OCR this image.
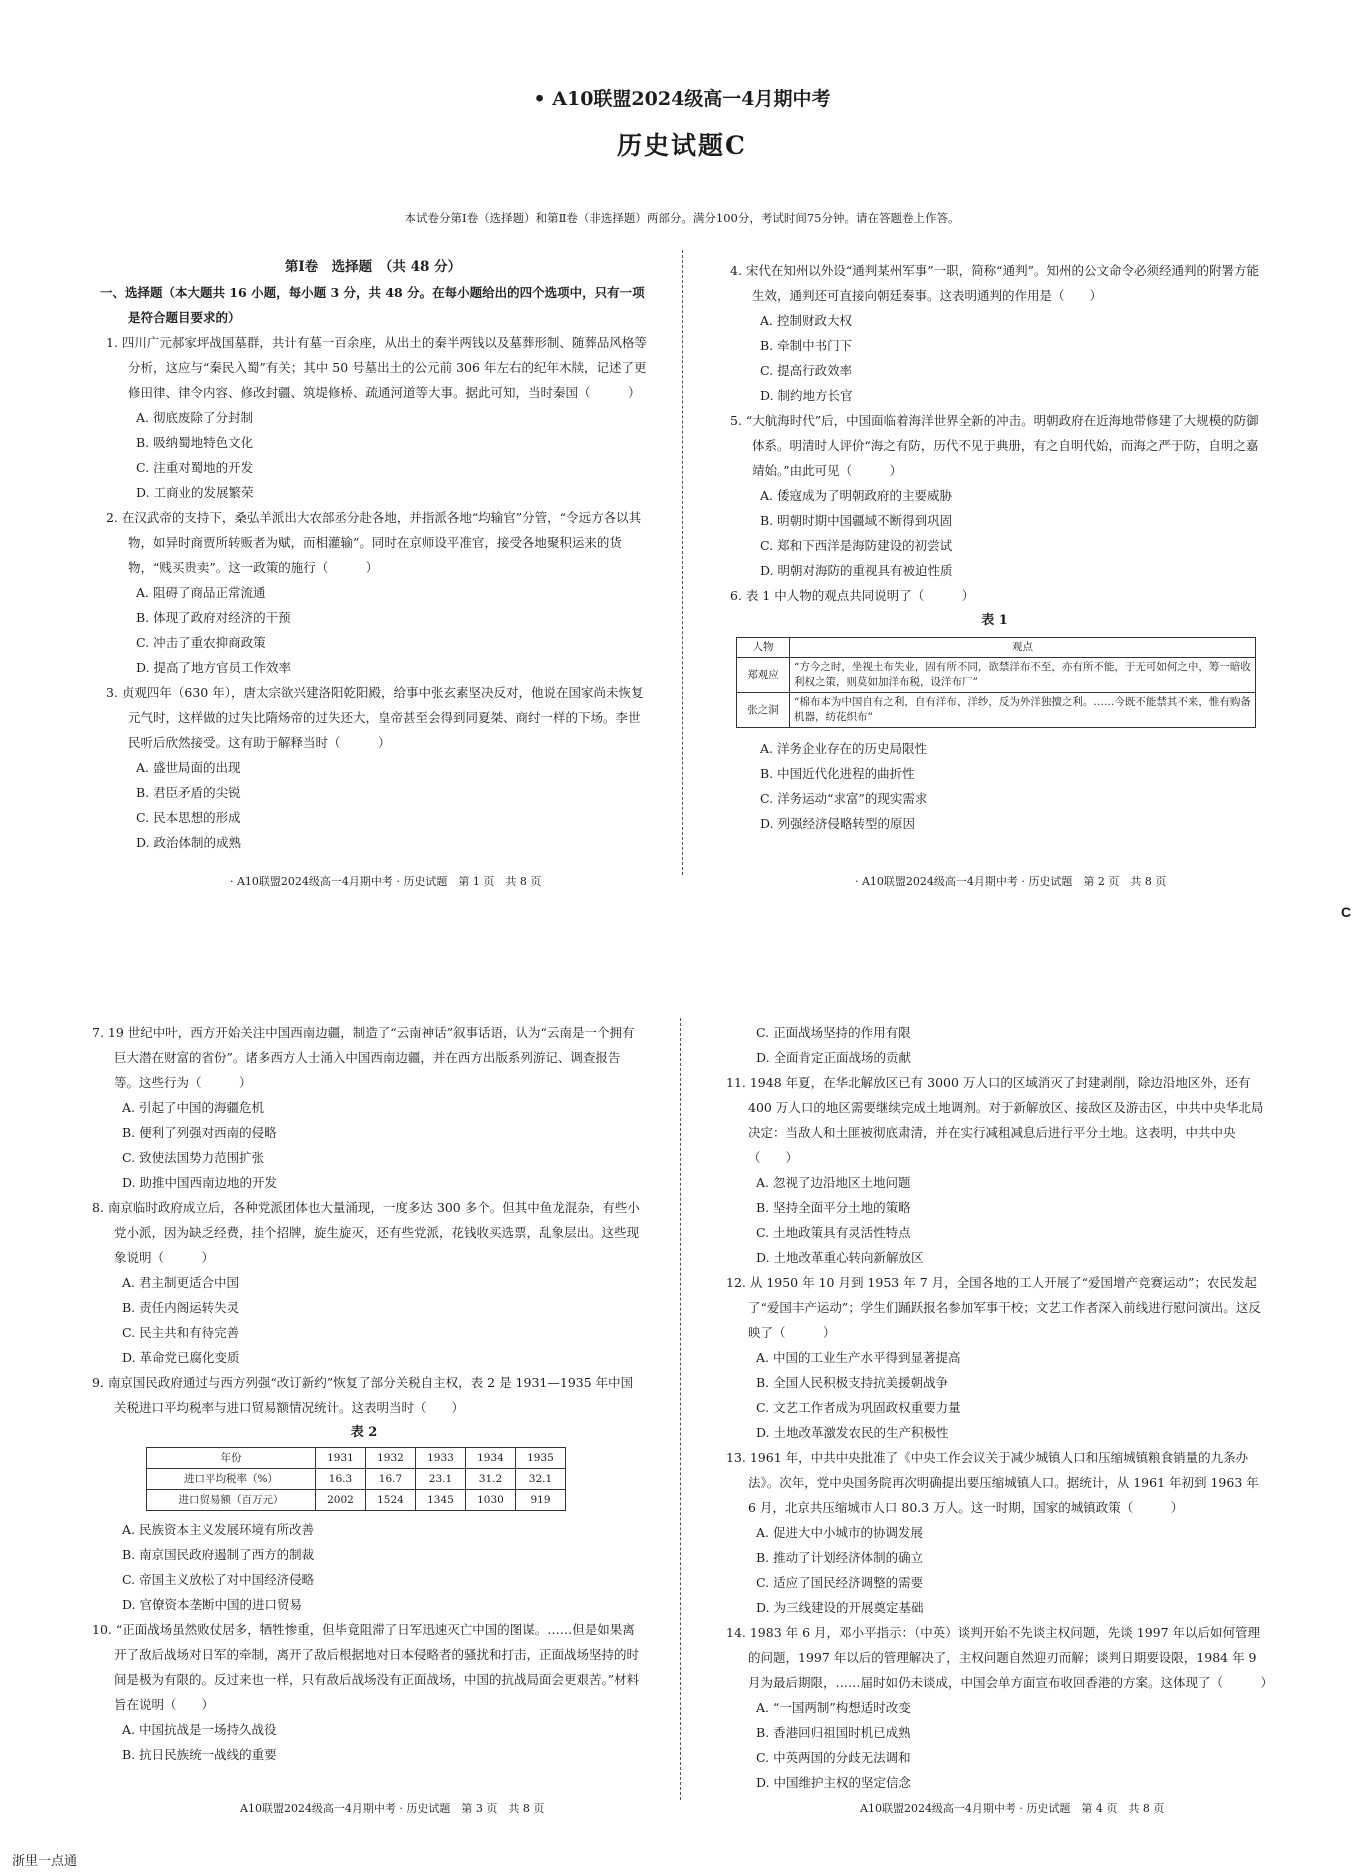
• A10联盟2024级高一4月期中考
历史试题C
本试卷分第Ⅰ卷（选择题）和第Ⅱ卷（非选择题）两部分。满分100分，考试时间75分钟。请在答题卷上作答。

第Ⅰ卷　选择题　（共 48 分）

一、选择题（本大题共 16 小题，每小题 3 分，共 48 分。在每小题给出的四个选项中，只有一项是符合题目要求的）

1. 四川广元郝家坪战国墓群，共计有墓一百余座，从出土的秦半两钱以及墓葬形制、随葬品风格等分析，这应与“秦民入蜀”有关；其中 50 号墓出土的公元前 306 年左右的纪年木牍，记述了更修田律、律令内容、修改封疆、筑堤修桥、疏通河道等大事。据此可知，当时秦国（　　　）

A. 彻底废除了分封制

B. 吸纳蜀地特色文化

C. 注重对蜀地的开发

D. 工商业的发展繁荣

2. 在汉武帝的支持下，桑弘羊派出大农部丞分赴各地，并指派各地“均输官”分管，“令远方各以其物，如异时商贾所转贩者为赋，而相灌输”。同时在京师设平准官，接受各地聚积运来的货物，“贱买贵卖”。这一政策的施行（　　　）

A. 阻碍了商品正常流通

B. 体现了政府对经济的干预

C. 冲击了重农抑商政策

D. 提高了地方官员工作效率

3. 贞观四年（630 年），唐太宗欲兴建洛阳乾阳殿，给事中张玄素坚决反对，他说在国家尚未恢复元气时，这样做的过失比隋炀帝的过失还大，皇帝甚至会得到同夏桀、商纣一样的下场。李世民听后欣然接受。这有助于解释当时（　　　）

A. 盛世局面的出现

B. 君臣矛盾的尖锐

C. 民本思想的形成

D. 政治体制的成熟

· A10联盟2024级高一4月期中考 · 历史试题　第 1 页　共 8 页

4. 宋代在知州以外设“通判某州军事”一职，简称“通判”。知州的公文命令必须经通判的附署方能生效，通判还可直接向朝廷奏事。这表明通判的作用是（　　）

A. 控制财政大权

B. 牵制中书门下

C. 提高行政效率

D. 制约地方长官

5. “大航海时代”后，中国面临着海洋世界全新的冲击。明朝政府在近海地带修建了大规模的防御体系。明清时人评价“海之有防，历代不见于典册，有之自明代始，而海之严于防，自明之嘉靖始。”由此可见（　　　）

A. 倭寇成为了明朝政府的主要威胁

B. 明朝时期中国疆域不断得到巩固

C. 郑和下西洋是海防建设的初尝试

D. 明朝对海防的重视具有被迫性质

6. 表 1 中人物的观点共同说明了（　　　）

表 1

人物	观点
郑观应	“方今之时，坐视土布失业，固有所不同，欲禁洋布不至，亦有所不能，于无可如何之中，筹一暗收利权之策，则莫如加洋布税，设洋布厂”
张之洞	“棉布本为中国自有之利，自有洋布、洋纱，反为外洋独擅之利。……今既不能禁其不来，惟有购备机器，纺花织布”

A. 洋务企业存在的历史局限性

B. 中国近代化进程的曲折性

C. 洋务运动“求富”的现实需求

D. 列强经济侵略转型的原因

· A10联盟2024级高一4月期中考 · 历史试题　第 2 页　共 8 页
C

7. 19 世纪中叶，西方开始关注中国西南边疆，制造了“云南神话”叙事话语，认为“云南是一个拥有巨大潜在财富的省份”。诸多西方人士涌入中国西南边疆，并在西方出版系列游记、调查报告等。这些行为（　　　）

A. 引起了中国的海疆危机

B. 便利了列强对西南的侵略

C. 致使法国势力范围扩张

D. 助推中国西南边地的开发

8. 南京临时政府成立后，各种党派团体也大量涌现，一度多达 300 多个。但其中鱼龙混杂，有些小党小派，因为缺乏经费，挂个招牌，旋生旋灭，还有些党派，花钱收买选票，乱象层出。这些现象说明（　　　）

A. 君主制更适合中国

B. 责任内阁运转失灵

C. 民主共和有待完善

D. 革命党已腐化变质

9. 南京国民政府通过与西方列强“改订新约”恢复了部分关税自主权，表 2 是 1931—1935 年中国关税进口平均税率与进口贸易额情况统计。这表明当时（　　）

表 2

年份	1931	1932	1933	1934	1935
进口平均税率（%）	16.3	16.7	23.1	31.2	32.1
进口贸易额（百万元）	2002	1524	1345	1030	919

A. 民族资本主义发展环境有所改善

B. 南京国民政府遏制了西方的制裁

C. 帝国主义放松了对中国经济侵略

D. 官僚资本垄断中国的进口贸易

10. “正面战场虽然败仗居多，牺牲惨重，但毕竟阻滞了日军迅速灭亡中国的图谋。……但是如果离开了敌后战场对日军的牵制，离开了敌后根据地对日本侵略者的骚扰和打击，正面战场坚持的时间是极为有限的。反过来也一样，只有敌后战场没有正面战场，中国的抗战局面会更艰苦。”材料旨在说明（　　）

A. 中国抗战是一场持久战役

B. 抗日民族统一战线的重要

A10联盟2024级高一4月期中考 · 历史试题　第 3 页　共 8 页

C. 正面战场坚持的作用有限

D. 全面肯定正面战场的贡献

11. 1948 年夏，在华北解放区已有 3000 万人口的区域消灭了封建剥削，除边沿地区外，还有 400 万人口的地区需要继续完成土地调剂。对于新解放区、接敌区及游击区，中共中央华北局决定：当敌人和土匪被彻底肃清，并在实行减租减息后进行平分土地。这表明，中共中央（　　）

A. 忽视了边沿地区土地问题

B. 坚持全面平分土地的策略

C. 土地政策具有灵活性特点

D. 土地改革重心转向新解放区

12. 从 1950 年 10 月到 1953 年 7 月，全国各地的工人开展了“爱国增产竞赛运动”；农民发起了“爱国丰产运动”；学生们踊跃报名参加军事干校；文艺工作者深入前线进行慰问演出。这反映了（　　　）

A. 中国的工业生产水平得到显著提高

B. 全国人民积极支持抗美援朝战争

C. 文艺工作者成为巩固政权重要力量

D. 土地改革激发农民的生产积极性

13. 1961 年，中共中央批准了《中央工作会议关于减少城镇人口和压缩城镇粮食销量的九条办法》。次年，党中央国务院再次明确提出要压缩城镇人口。据统计，从 1961 年初到 1963 年 6 月，北京共压缩城市人口 80.3 万人。这一时期，国家的城镇政策（　　　）

A. 促进大中小城市的协调发展

B. 推动了计划经济体制的确立

C. 适应了国民经济调整的需要

D. 为三线建设的开展奠定基础

14. 1983 年 6 月，邓小平指示：（中英）谈判开始不先谈主权问题，先谈 1997 年以后如何管理的问题，1997 年以后的管理解决了，主权问题自然迎刃而解；谈判日期要设限，1984 年 9 月为最后期限，……届时如仍未谈成，中国会单方面宣布收回香港的方案。这体现了（　　　）

A. “一国两制”构想适时改变

B. 香港回归祖国时机已成熟

C. 中英两国的分歧无法调和

D. 中国维护主权的坚定信念

A10联盟2024级高一4月期中考 · 历史试题　第 4 页　共 8 页
浙里一点通
